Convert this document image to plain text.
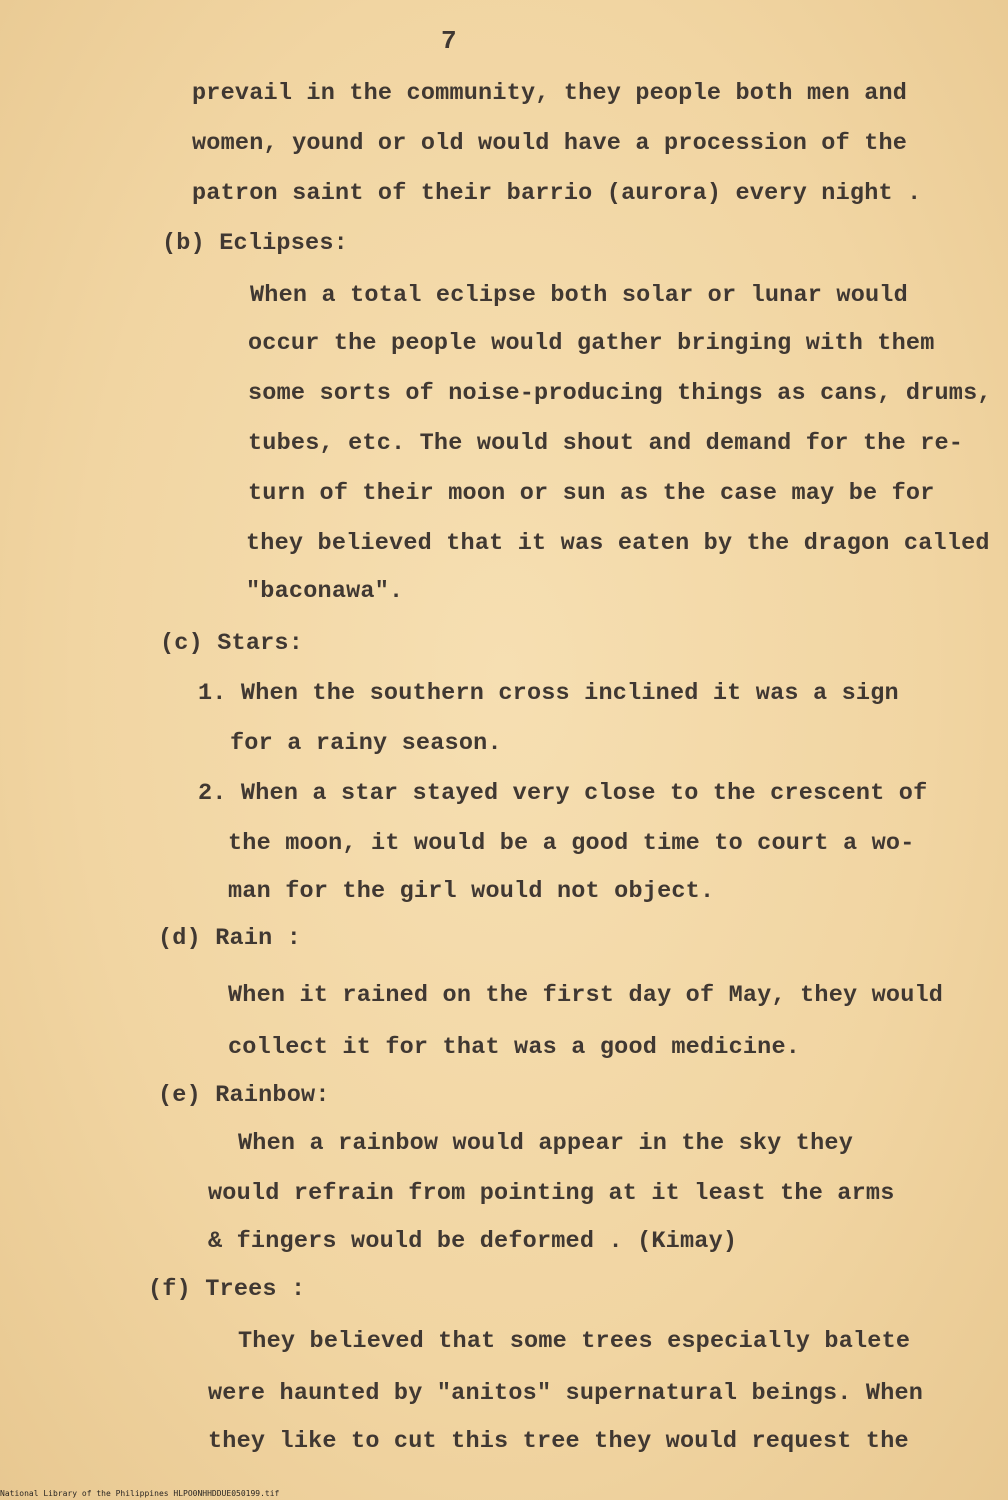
7
prevail in the community, they people both men and
women, yound or old would have a procession of the
patron saint of their barrio (aurora) every night .
(b) Eclipses:
When a total eclipse both solar or lunar would
occur the people would gather bringing with them
some sorts of noise-producing things as cans, drums,
tubes, etc. The would shout and demand for the re-
turn of their moon or sun as the case may be for
they believed that it was eaten by the dragon called
"baconawa".
(c) Stars:
1. When the southern cross inclined it was a sign
for a rainy season.
2. When a star stayed very close to the crescent of
the moon, it would be a good time to court a wo-
man for the girl would not object.
(d) Rain :
When it rained on the first day of May, they would
collect it for that was a good medicine.
(e) Rainbow:
When a rainbow would appear in the sky they
would refrain from pointing at it least the arms
& fingers would be deformed . (Kimay)
(f) Trees :
They believed that some trees especially balete
were haunted by "anitos" supernatural beings. When
they like to cut this tree they would request the
National Library of the Philippines HLPO0NHHDDUE050199.tif
